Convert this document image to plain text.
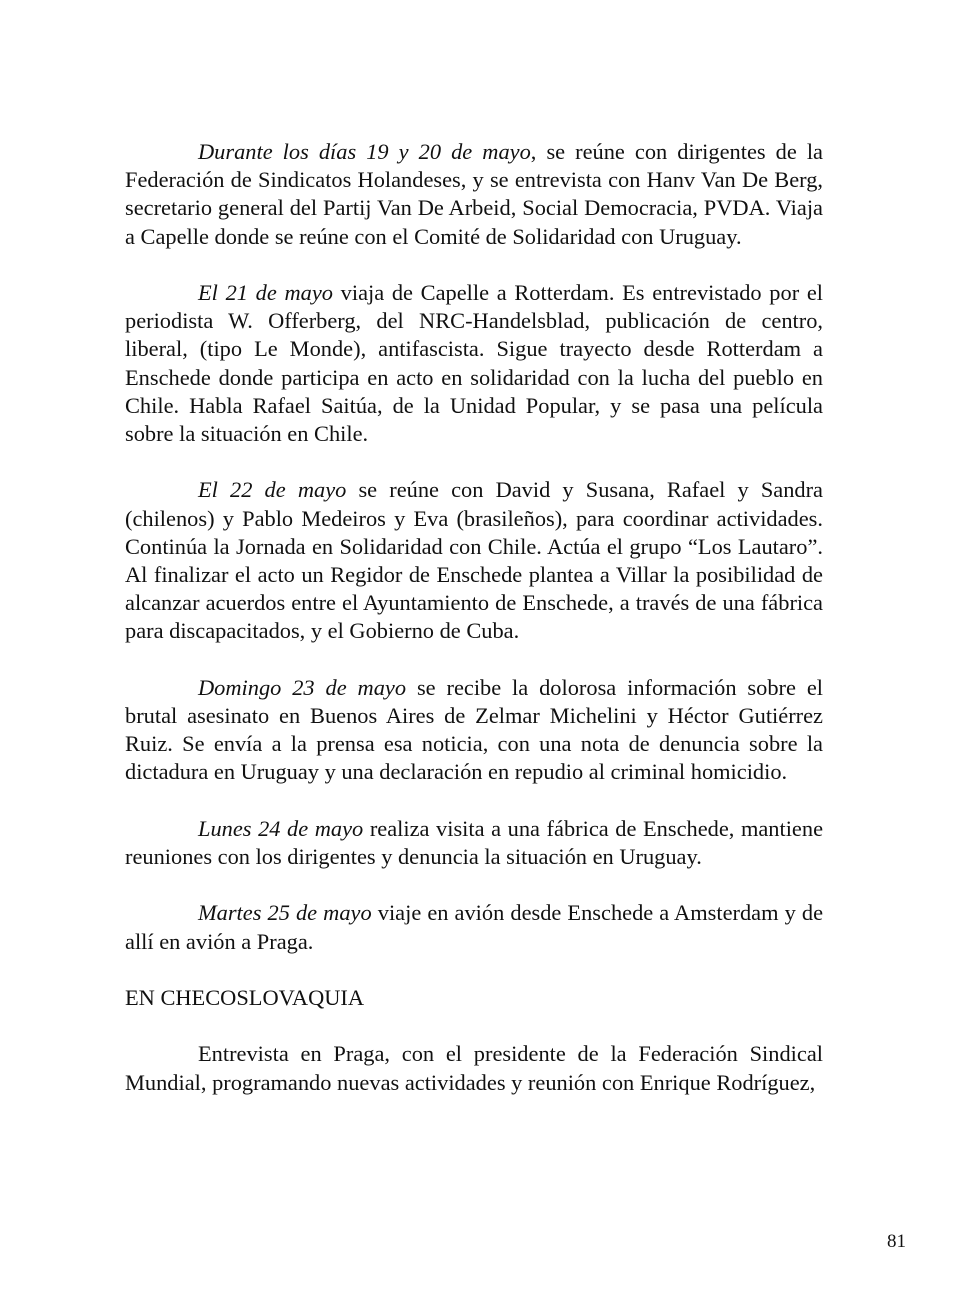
Durante los días 19 y 20 de mayo, se reúne con dirigentes de la Federación de Sindicatos Holandeses, y se entrevista con Hanv Van De Berg, secretario general del Partij Van De Arbeid, Social Democracia, PVDA. Viaja a Capelle donde se reúne con el Comité de Solidaridad con Uruguay.

El 21 de mayo viaja de Capelle a Rotterdam. Es entrevistado por el periodista W. Offerberg, del NRC-Handelsblad, publicación de centro, liberal, (tipo Le Monde), antifascista. Sigue trayecto desde Rotterdam a Enschede donde participa en acto en solidaridad con la lucha del pueblo en Chile. Habla Rafael Saitúa, de la Unidad Popular, y se pasa una película sobre la situación en Chile.

El 22 de mayo se reúne con David y Susana, Rafael y Sandra (chilenos) y Pablo Medeiros y Eva (brasileños), para coordinar actividades. Continúa la Jornada en Solidaridad con Chile. Actúa el grupo “Los Lautaro”. Al finalizar el acto un Regidor de Enschede plantea a Villar la posibilidad de alcanzar acuerdos entre el Ayuntamiento de Enschede, a través de una fábrica para discapacitados, y el Gobierno de Cuba.

Domingo 23 de mayo se recibe la dolorosa información sobre el brutal asesinato en Buenos Aires de Zelmar Michelini y Héctor Gutiérrez Ruiz. Se envía a la prensa esa noticia, con una nota de denuncia sobre la dictadura en Uruguay y una declaración en repudio al criminal homicidio.

Lunes 24 de mayo realiza visita a una fábrica de Enschede, mantiene reuniones con los dirigentes y denuncia la situación en Uruguay.

Martes 25 de mayo viaje en avión desde Enschede a Amsterdam y de allí en avión a Praga.

EN CHECOSLOVAQUIA

Entrevista en Praga, con el presidente de la Federación Sindical Mundial, programando nuevas actividades y reunión con Enrique Rodríguez,

81
